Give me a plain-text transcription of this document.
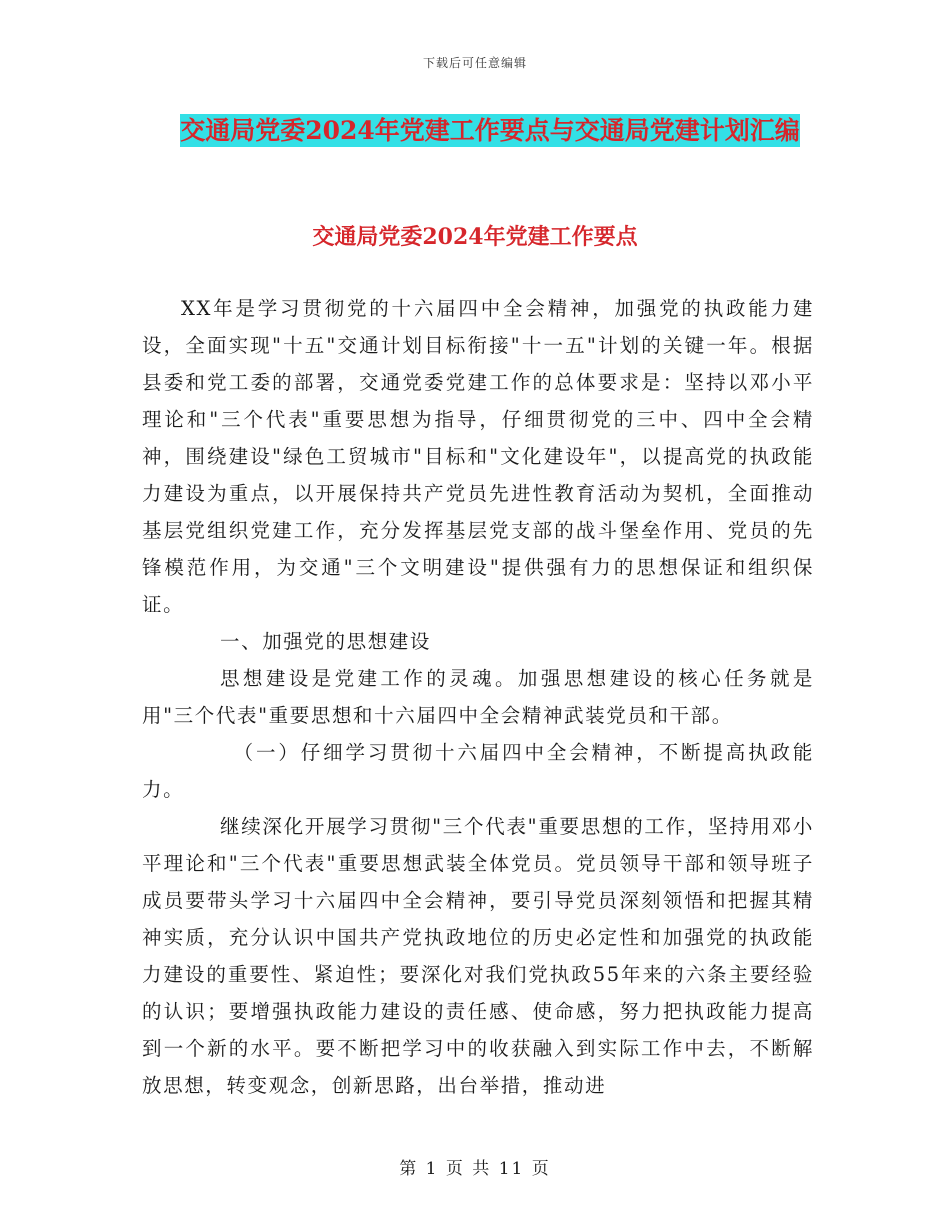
下载后可任意编辑
交通局党委2024年党建工作要点与交通局党建计划汇编
交通局党委2024年党建工作要点

XX年是学习贯彻党的十六届四中全会精神，加强党的执政能力建设，全面实现"十五"交通计划目标衔接"十一五"计划的关键一年。根据县委和党工委的部署，交通党委党建工作的总体要求是：坚持以邓小平理论和"三个代表"重要思想为指导，仔细贯彻党的三中、四中全会精神，围绕建设"绿色工贸城市"目标和"文化建设年"，以提高党的执政能力建设为重点，以开展保持共产党员先进性教育活动为契机，全面推动基层党组织党建工作，充分发挥基层党支部的战斗堡垒作用、党员的先锋模范作用，为交通"三个文明建设"提供强有力的思想保证和组织保证。

一、加强党的思想建设

思想建设是党建工作的灵魂。加强思想建设的核心任务就是用"三个代表"重要思想和十六届四中全会精神武装党员和干部。

（一）仔细学习贯彻十六届四中全会精神，不断提高执政能力。

继续深化开展学习贯彻"三个代表"重要思想的工作，坚持用邓小平理论和"三个代表"重要思想武装全体党员。党员领导干部和领导班子成员要带头学习十六届四中全会精神，要引导党员深刻领悟和把握其精神实质，充分认识中国共产党执政地位的历史必定性和加强党的执政能力建设的重要性、紧迫性；要深化对我们党执政55年来的六条主要经验的认识；要增强执政能力建设的责任感、使命感，努力把执政能力提高到一个新的水平。要不断把学习中的收获融入到实际工作中去，不断解放思想，转变观念，创新思路，出台举措，推动进

第 1 页 共 11 页
